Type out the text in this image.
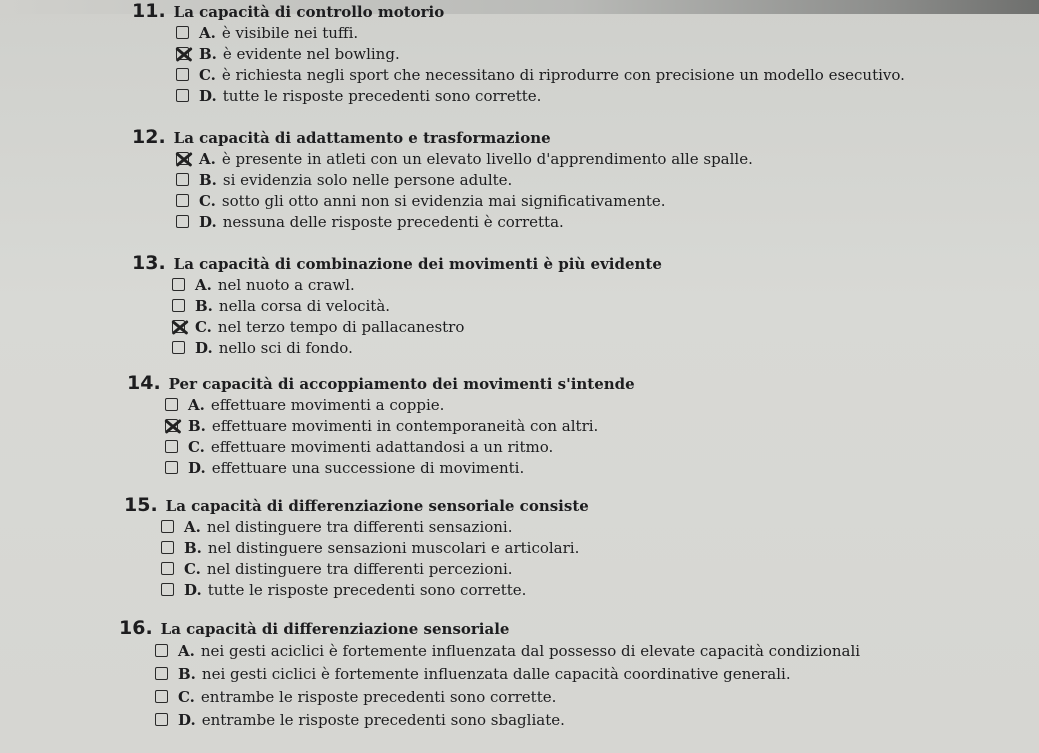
11. La capacità di controllo motorio
A. è visibile nei tuffi.
B. è evidente nel bowling.
C. è richiesta negli sport che necessitano di riprodurre con precisione un modello esecutivo.
D. tutte le risposte precedenti sono corrette.
12. La capacità di adattamento e trasformazione
A. è presente in atleti con un elevato livello d'apprendimento alle spalle.
B. si evidenzia solo nelle persone adulte.
C. sotto gli otto anni non si evidenzia mai significativamente.
D. nessuna delle risposte precedenti è corretta.
13. La capacità di combinazione dei movimenti è più evidente
A. nel nuoto a crawl.
B. nella corsa di velocità.
C. nel terzo tempo di pallacanestro
D. nello sci di fondo.
14. Per capacità di accoppiamento dei movimenti s'intende
A. effettuare movimenti a coppie.
B. effettuare movimenti in contemporaneità con altri.
C. effettuare movimenti adattandosi a un ritmo.
D. effettuare una successione di movimenti.
15. La capacità di differenziazione sensoriale consiste
A. nel distinguere tra differenti sensazioni.
B. nel distinguere sensazioni muscolari e articolari.
C. nel distinguere tra differenti percezioni.
D. tutte le risposte precedenti sono corrette.
16. La capacità di differenziazione sensoriale
A. nei gesti aciclici è fortemente influenzata dal possesso di elevate capacità condizionali
B. nei gesti ciclici è fortemente influenzata dalle capacità coordinative generali.
C. entrambe le risposte precedenti sono corrette.
D. entrambe le risposte precedenti sono sbagliate.
